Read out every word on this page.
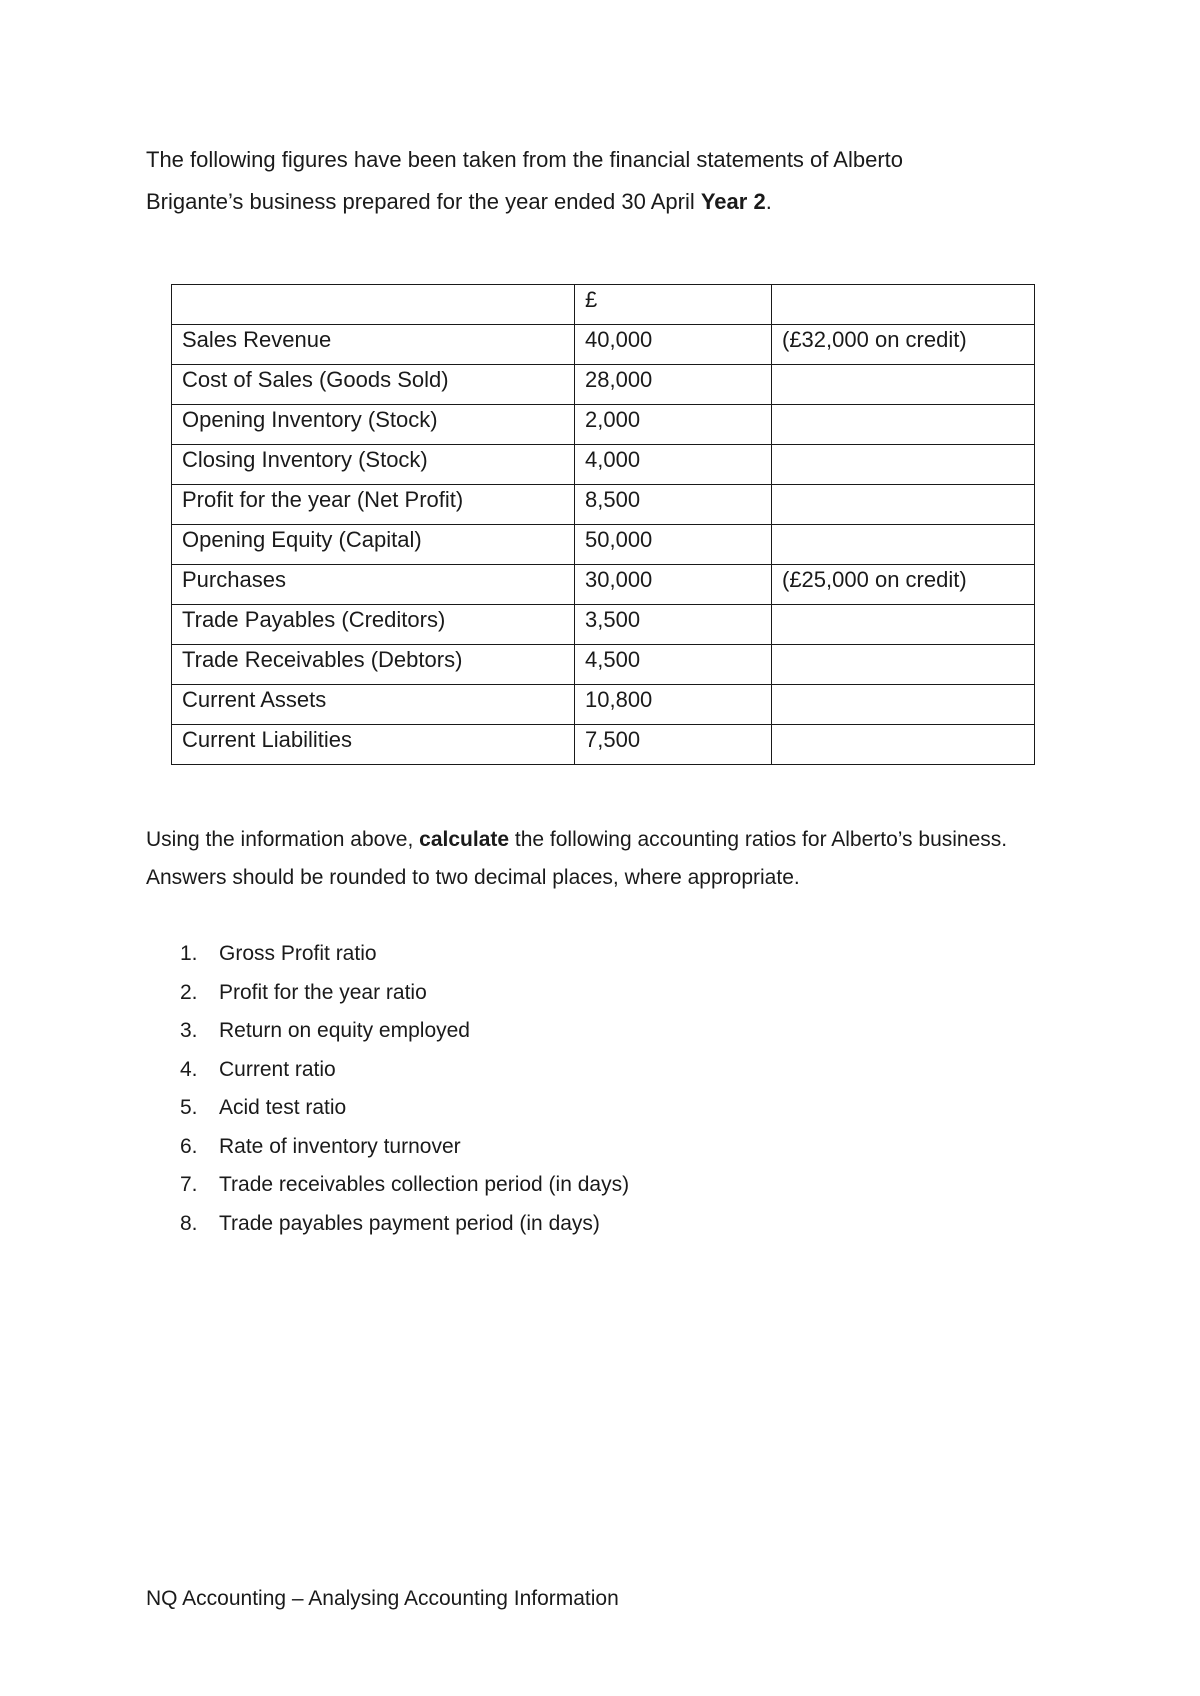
The following figures have been taken from the financial statements of Alberto
Brigante’s business prepared for the year ended 30 April Year 2.

	£	
Sales Revenue	40,000	(£32,000 on credit)
Cost of Sales (Goods Sold)	28,000	
Opening Inventory (Stock)	2,000	
Closing Inventory (Stock)	4,000	
Profit for the year (Net Profit)	8,500	
Opening Equity (Capital)	50,000	
Purchases	30,000	(£25,000 on credit)
Trade Payables (Creditors)	3,500	
Trade Receivables (Debtors)	4,500	
Current Assets	10,800	
Current Liabilities	7,500	

Using the information above, calculate the following accounting ratios for Alberto’s business. Answers should be rounded to two decimal places, where appropriate.

1. Gross Profit ratio
2. Profit for the year ratio
3. Return on equity employed
4. Current ratio
5. Acid test ratio
6. Rate of inventory turnover
7. Trade receivables collection period (in days)
8. Trade payables payment period (in days)

NQ Accounting – Analysing Accounting Information
